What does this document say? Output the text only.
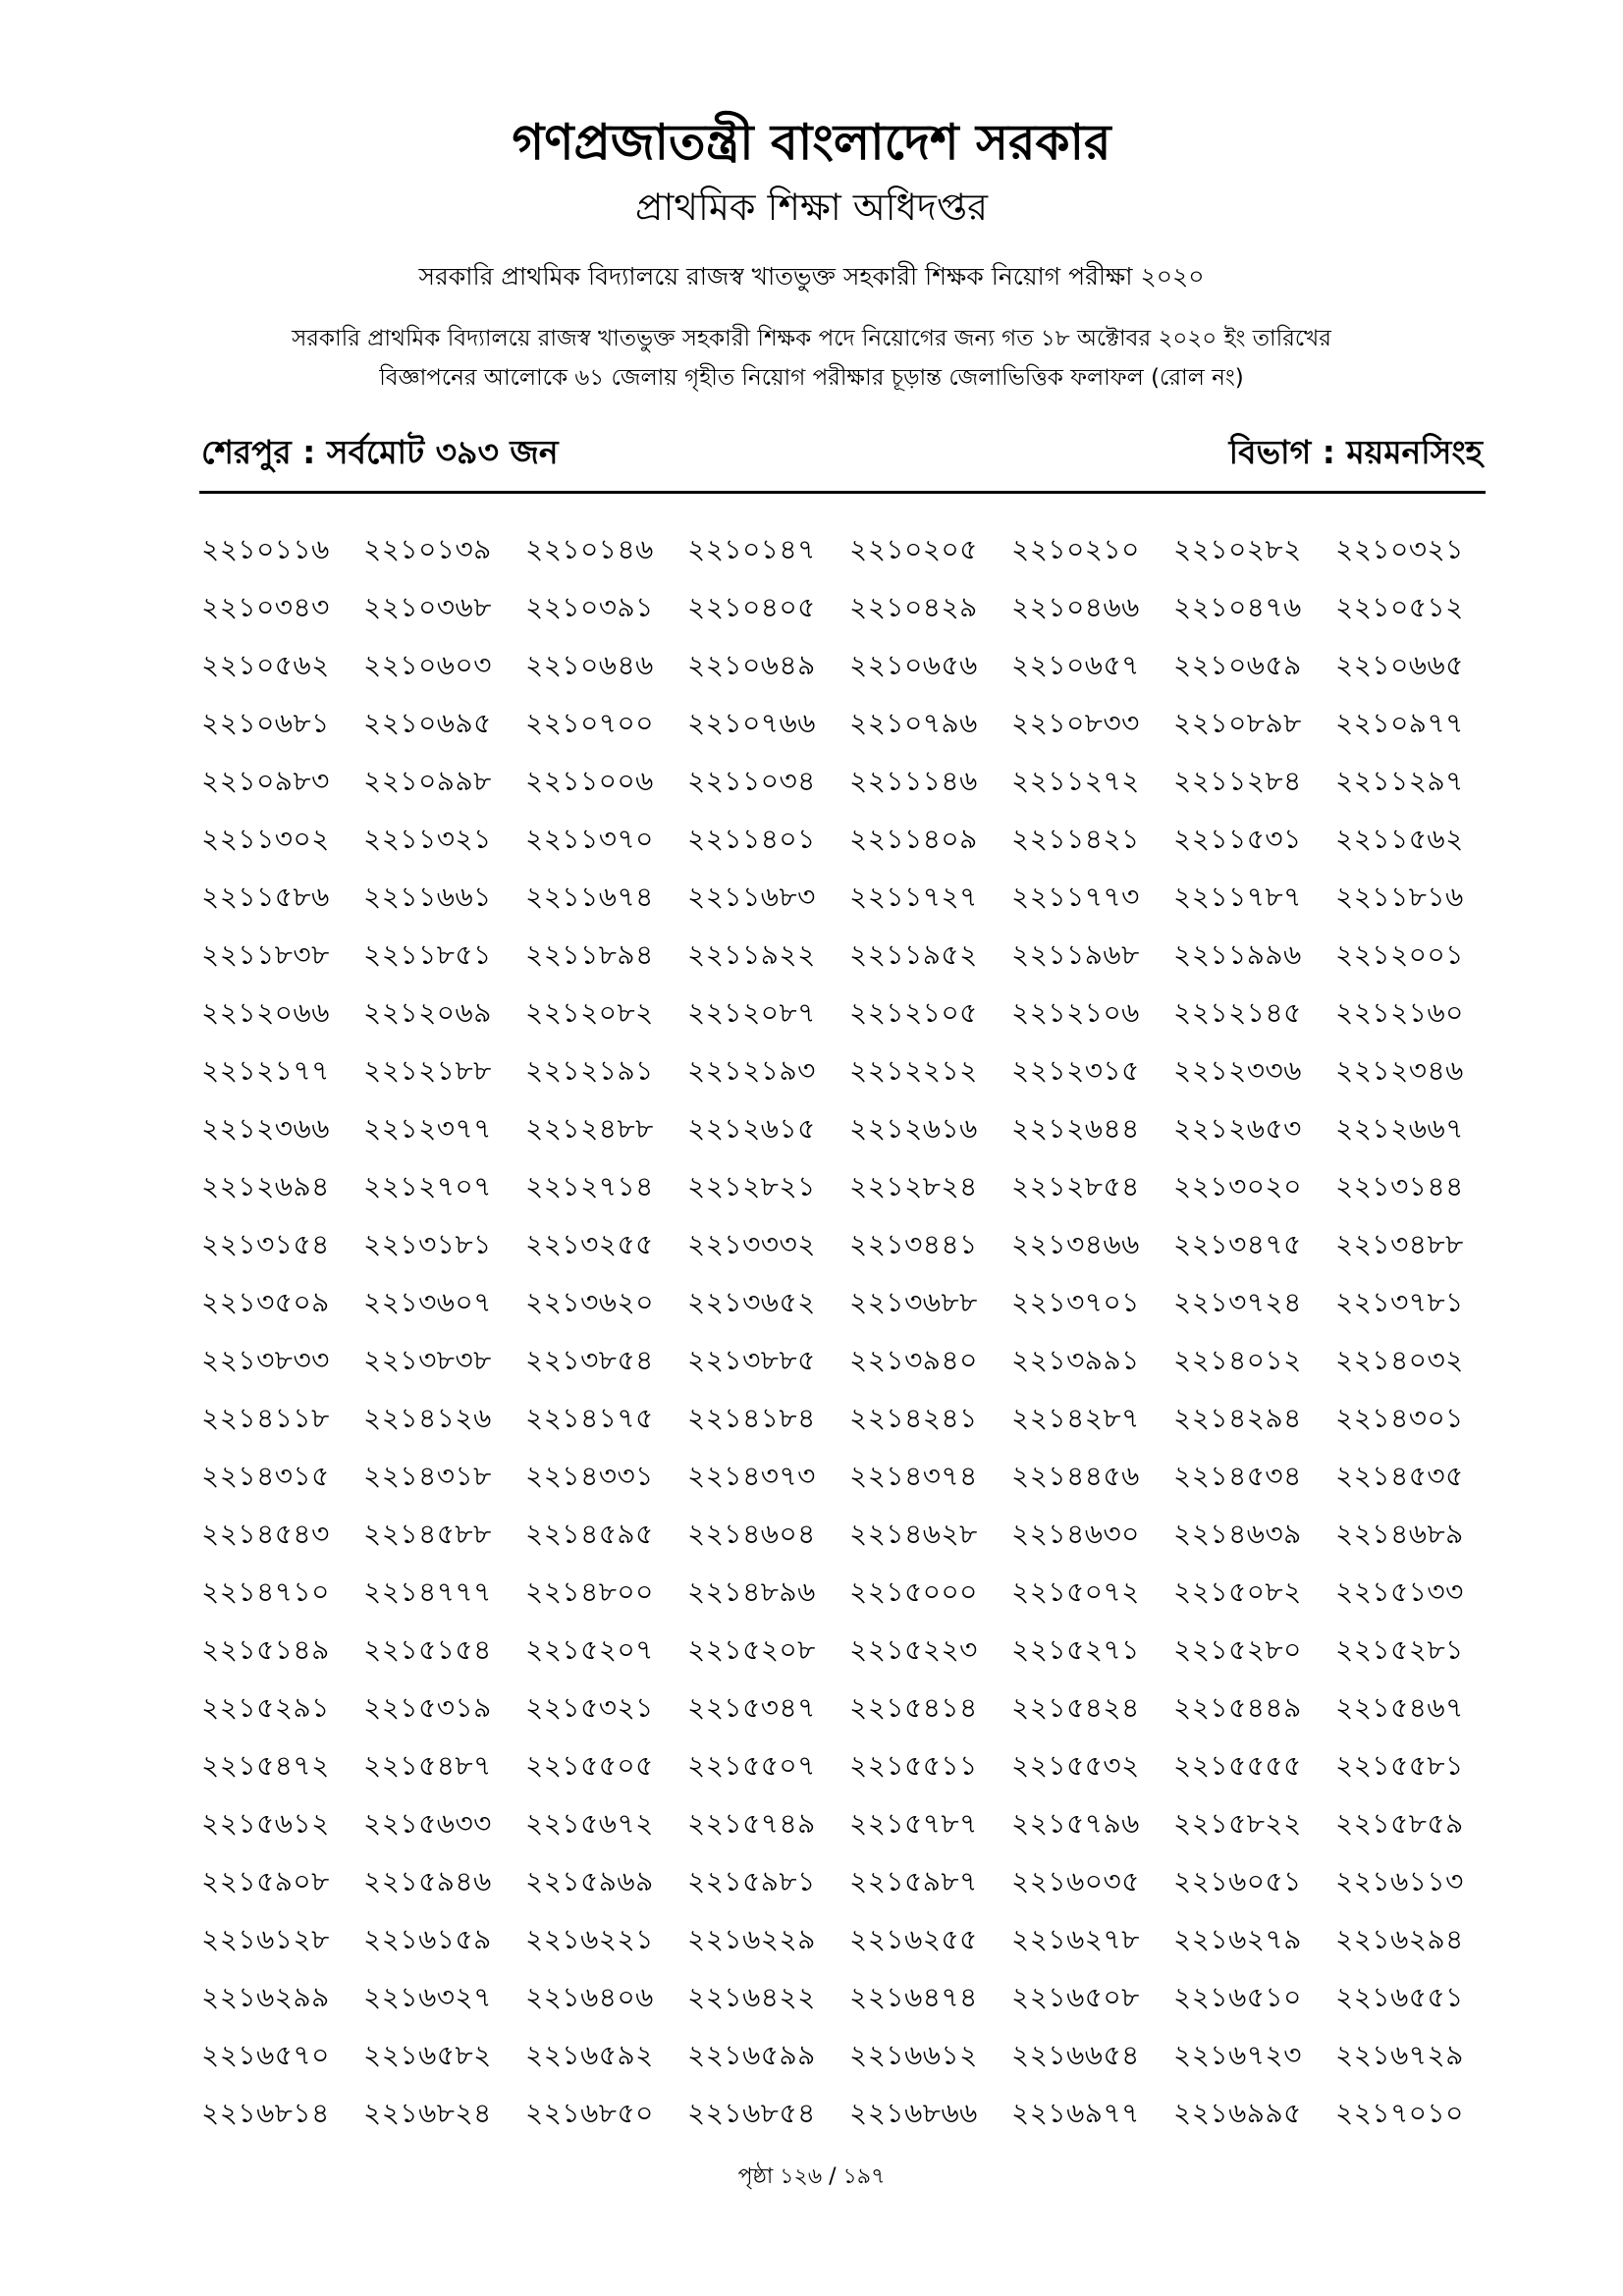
গণপ্রজাতন্ত্রী বাংলাদেশ সরকার
প্রাথমিক শিক্ষা অধিদপ্তর
সরকারি প্রাথমিক বিদ্যালয়ে রাজস্ব খাতভুক্ত সহকারী শিক্ষক নিয়োগ পরীক্ষা ২০২০
সরকারি প্রাথমিক বিদ্যালয়ে রাজস্ব খাতভুক্ত সহকারী শিক্ষক পদে নিয়োগের জন্য গত ১৮ অক্টোবর ২০২০ ইং তারিখের
বিজ্ঞাপনের আলোকে ৬১ জেলায় গৃহীত নিয়োগ পরীক্ষার চূড়ান্ত জেলাভিত্তিক ফলাফল (রোল নং)
শেরপুর : সর্বমোট ৩৯৩ জন	বিভাগ : ময়মনসিংহ
২২১০১১৬	২২১০১৩৯	২২১০১৪৬	২২১০১৪৭	২২১০২০৫	২২১০২১০	২২১০২৮২	২২১০৩২১
২২১০৩৪৩	২২১০৩৬৮	২২১০৩৯১	২২১০৪০৫	২২১০৪২৯	২২১০৪৬৬	২২১০৪৭৬	২২১০৫১২
২২১০৫৬২	২২১০৬০৩	২২১০৬৪৬	২২১০৬৪৯	২২১০৬৫৬	২২১০৬৫৭	২২১০৬৫৯	২২১০৬৬৫
২২১০৬৮১	২২১০৬৯৫	২২১০৭০০	২২১০৭৬৬	২২১০৭৯৬	২২১০৮৩৩	২২১০৮৯৮	২২১০৯৭৭
২২১০৯৮৩	২২১০৯৯৮	২২১১০০৬	২২১১০৩৪	২২১১১৪৬	২২১১২৭২	২২১১২৮৪	২২১১২৯৭
২২১১৩০২	২২১১৩২১	২২১১৩৭০	২২১১৪০১	২২১১৪০৯	২২১১৪২১	২২১১৫৩১	২২১১৫৬২
২২১১৫৮৬	২২১১৬৬১	২২১১৬৭৪	২২১১৬৮৩	২২১১৭২৭	২২১১৭৭৩	২২১১৭৮৭	২২১১৮১৬
২২১১৮৩৮	২২১১৮৫১	২২১১৮৯৪	২২১১৯২২	২২১১৯৫২	২২১১৯৬৮	২২১১৯৯৬	২২১২০০১
২২১২০৬৬	২২১২০৬৯	২২১২০৮২	২২১২০৮৭	২২১২১০৫	২২১২১০৬	২২১২১৪৫	২২১২১৬০
২২১২১৭৭	২২১২১৮৮	২২১২১৯১	২২১২১৯৩	২২১২২১২	২২১২৩১৫	২২১২৩৩৬	২২১২৩৪৬
২২১২৩৬৬	২২১২৩৭৭	২২১২৪৮৮	২২১২৬১৫	২২১২৬১৬	২২১২৬৪৪	২২১২৬৫৩	২২১২৬৬৭
২২১২৬৯৪	২২১২৭০৭	২২১২৭১৪	২২১২৮২১	২২১২৮২৪	২২১২৮৫৪	২২১৩০২০	২২১৩১৪৪
২২১৩১৫৪	২২১৩১৮১	২২১৩২৫৫	২২১৩৩৩২	২২১৩৪৪১	২২১৩৪৬৬	২২১৩৪৭৫	২২১৩৪৮৮
২২১৩৫০৯	২২১৩৬০৭	২২১৩৬২০	২২১৩৬৫২	২২১৩৬৮৮	২২১৩৭০১	২২১৩৭২৪	২২১৩৭৮১
২২১৩৮৩৩	২২১৩৮৩৮	২২১৩৮৫৪	২২১৩৮৮৫	২২১৩৯৪০	২২১৩৯৯১	২২১৪০১২	২২১৪০৩২
২২১৪১১৮	২২১৪১২৬	২২১৪১৭৫	২২১৪১৮৪	২২১৪২৪১	২২১৪২৮৭	২২১৪২৯৪	২২১৪৩০১
২২১৪৩১৫	২২১৪৩১৮	২২১৪৩৩১	২২১৪৩৭৩	২২১৪৩৭৪	২২১৪৪৫৬	২২১৪৫৩৪	২২১৪৫৩৫
২২১৪৫৪৩	২২১৪৫৮৮	২২১৪৫৯৫	২২১৪৬০৪	২২১৪৬২৮	২২১৪৬৩০	২২১৪৬৩৯	২২১৪৬৮৯
২২১৪৭১০	২২১৪৭৭৭	২২১৪৮০০	২২১৪৮৯৬	২২১৫০০০	২২১৫০৭২	২২১৫০৮২	২২১৫১৩৩
২২১৫১৪৯	২২১৫১৫৪	২২১৫২০৭	২২১৫২০৮	২২১৫২২৩	২২১৫২৭১	২২১৫২৮০	২২১৫২৮১
২২১৫২৯১	২২১৫৩১৯	২২১৫৩২১	২২১৫৩৪৭	২২১৫৪১৪	২২১৫৪২৪	২২১৫৪৪৯	২২১৫৪৬৭
২২১৫৪৭২	২২১৫৪৮৭	২২১৫৫০৫	২২১৫৫০৭	২২১৫৫১১	২২১৫৫৩২	২২১৫৫৫৫	২২১৫৫৮১
২২১৫৬১২	২২১৫৬৩৩	২২১৫৬৭২	২২১৫৭৪৯	২২১৫৭৮৭	২২১৫৭৯৬	২২১৫৮২২	২২১৫৮৫৯
২২১৫৯০৮	২২১৫৯৪৬	২২১৫৯৬৯	২২১৫৯৮১	২২১৫৯৮৭	২২১৬০৩৫	২২১৬০৫১	২২১৬১১৩
২২১৬১২৮	২২১৬১৫৯	২২১৬২২১	২২১৬২২৯	২২১৬২৫৫	২২১৬২৭৮	২২১৬২৭৯	২২১৬২৯৪
২২১৬২৯৯	২২১৬৩২৭	২২১৬৪০৬	২২১৬৪২২	২২১৬৪৭৪	২২১৬৫০৮	২২১৬৫১০	২২১৬৫৫১
২২১৬৫৭০	২২১৬৫৮২	২২১৬৫৯২	২২১৬৫৯৯	২২১৬৬১২	২২১৬৬৫৪	২২১৬৭২৩	২২১৬৭২৯
২২১৬৮১৪	২২১৬৮২৪	২২১৬৮৫০	২২১৬৮৫৪	২২১৬৮৬৬	২২১৬৯৭৭	২২১৬৯৯৫	২২১৭০১০
পৃষ্ঠা ১২৬ / ১৯৭
